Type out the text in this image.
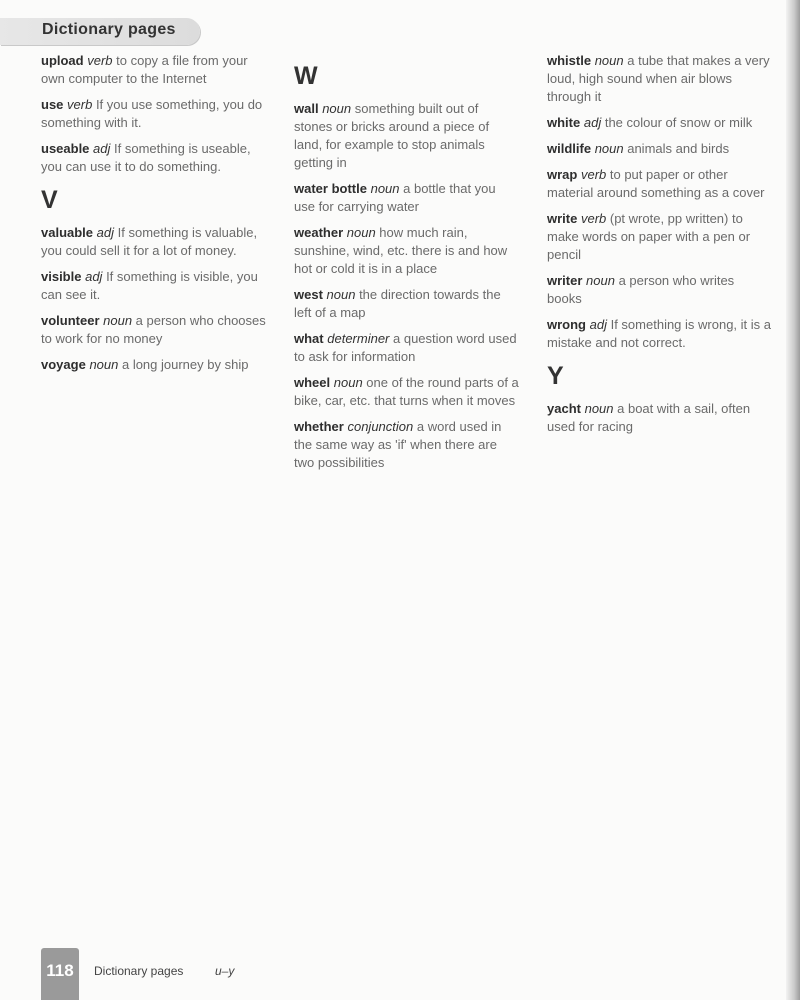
Dictionary pages

upload verb to copy a file from your own computer to the Internet

use verb If you use something, you do something with it.

useable adj If something is useable, you can use it to do something.

V

valuable adj If something is valuable, you could sell it for a lot of money.

visible adj If something is visible, you can see it.

volunteer noun a person who chooses to work for no money

voyage noun a long journey by ship

W

wall noun something built out of stones or bricks around a piece of land, for example to stop animals getting in

water bottle noun a bottle that you use for carrying water

weather noun how much rain, sunshine, wind, etc. there is and how hot or cold it is in a place

west noun the direction towards the left of a map

what determiner a question word used to ask for information

wheel noun one of the round parts of a bike, car, etc. that turns when it moves

whether conjunction a word used in the same way as 'if' when there are two possibilities

whistle noun a tube that makes a very loud, high sound when air blows through it

white adj the colour of snow or milk

wildlife noun animals and birds

wrap verb to put paper or other material around something as a cover

write verb (pt wrote, pp written) to make words on paper with a pen or pencil

writer noun a person who writes books

wrong adj If something is wrong, it is a mistake and not correct.

Y

yacht noun a boat with a sail, often used for racing

118	Dictionary pages	u–y
